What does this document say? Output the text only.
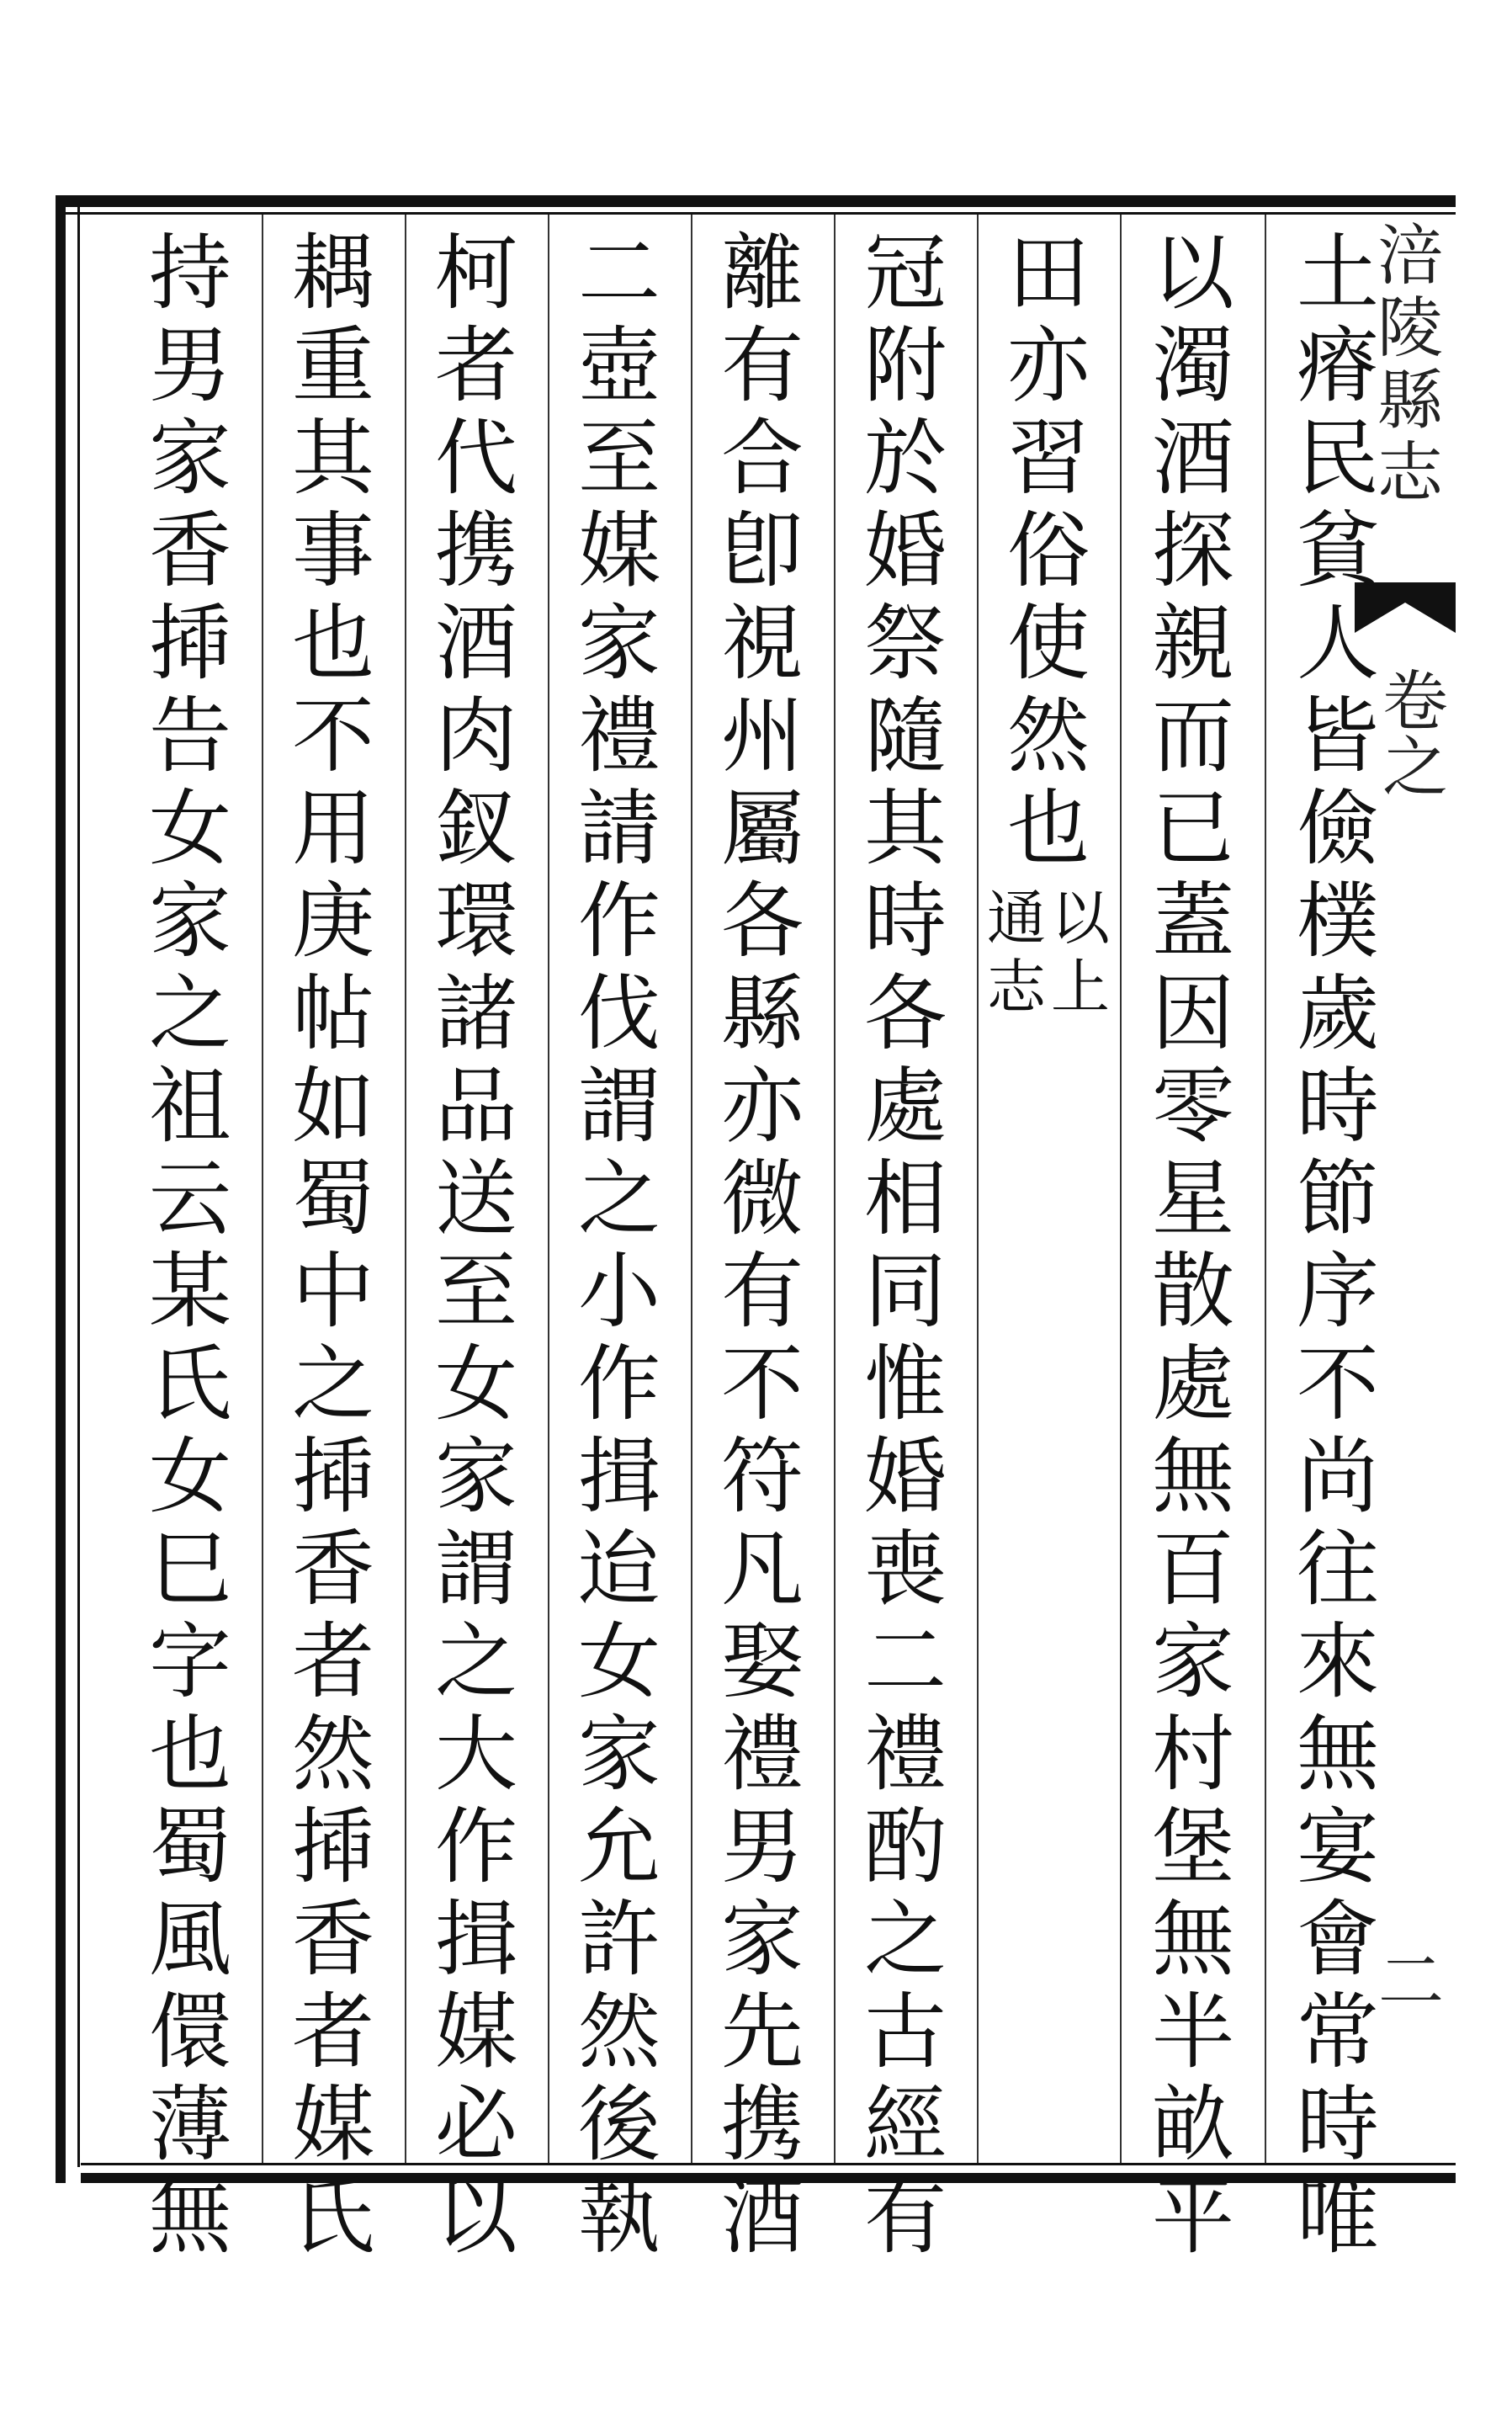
涪陵縣志
卷之
二
土
瘠
民
貧
人
皆
儉
樸
歲
時
節
序
不
尚
往
來
無
宴
會
常
時
唯
以
濁
酒
探
親
而
已
蓋
因
零
星
散
處
無
百
家
村
堡
無
半
畝
平
田
亦
習
俗
使
然
也
冠
附
於
婚
祭
隨
其
時
各
處
相
同
惟
婚
喪
二
禮
酌
之
古
經
有
離
有
合
卽
視
州
屬
各
縣
亦
微
有
不
符
凡
娶
禮
男
家
先
携
酒
二
壺
至
媒
家
禮
請
作
伐
謂
之
小
作
揖
迨
女
家
允
許
然
後
執
柯
者
代
携
酒
肉
釵
環
諸
品
送
至
女
家
謂
之
大
作
揖
媒
必
以
耦
重
其
事
也
不
用
庚
帖
如
蜀
中
之
揷
香
者
然
揷
香
者
媒
氏
持
男
家
香
揷
告
女
家
之
祖
云
某
氏
女
巳
字
也
蜀
風
儇
薄
無
以
上
通
志
